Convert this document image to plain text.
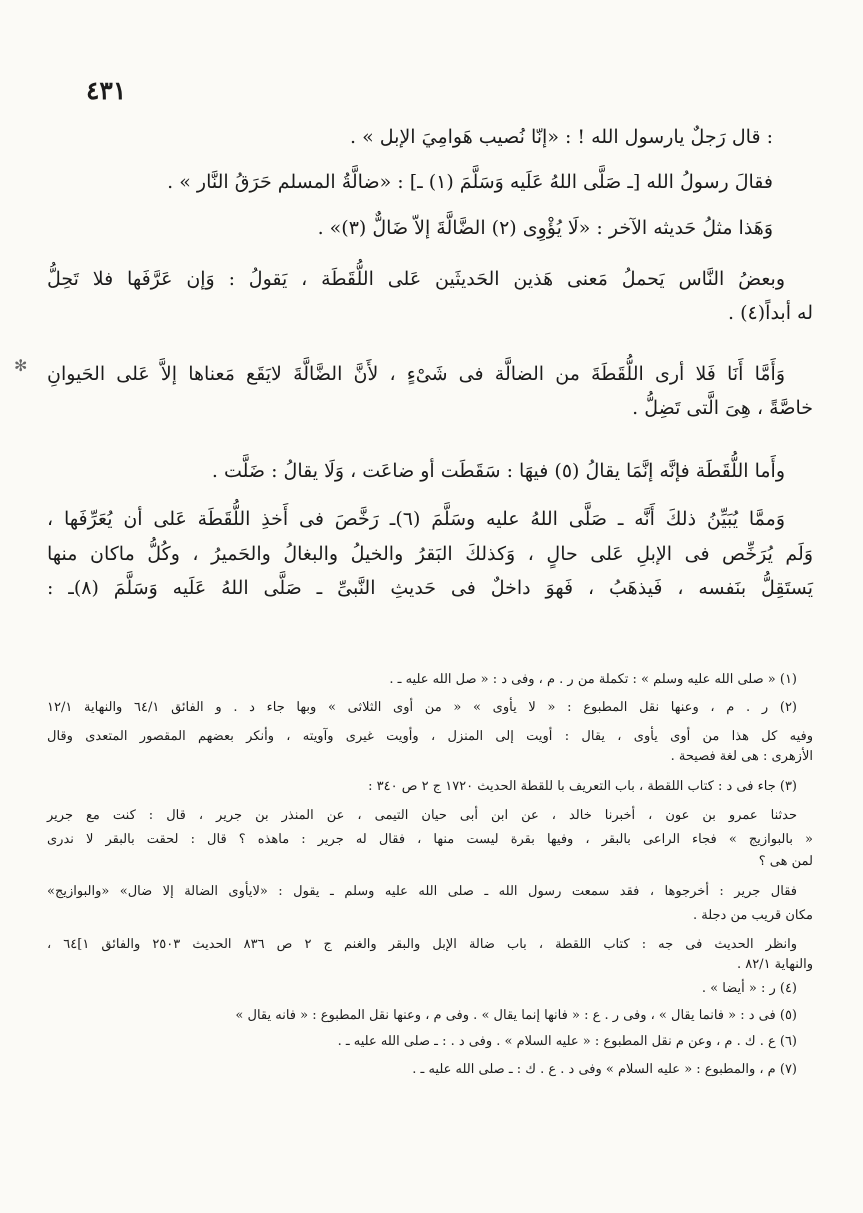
٤٣١
✻
: قال رَجلٌ يارسول الله ! : «إنّا نُصيب هَوامِيَ الإبل » .
فقالَ رسولُ الله [ـ صَلَّى اللهُ عَلَيه وَسَلَّمَ (١) ـ] : «ضالَّةُ المسلم حَرَقُ النَّار » .
وَهَذا مثلُ حَديثه الآخر : «لَا يُؤْوِى (٢) الضَّالَّةَ إلاّ ضَالٌّ (٣)» .
وبعضُ النَّاس يَحملُ مَعنى هَذين الحَديثَين عَلى اللُّقَطَة ، يَقولُ : وَإن عَرَّفَها فلا تَحِلُّ
له أبداً(٤) .
وَأَمَّا أَنَا فَلا أرى اللُّقَطَةَ من الضالَّة فى شَىْءٍ ، لأَنَّ الضَّالَّةَ لايَقَع مَعناها إلاَّ عَلى الحَيوانِ
خاصَّةً ، هِىَ الَّتى تَضِلُّ .
وأَما اللُّقَطَة فإنَّه إنَّمَا يقالُ (٥) فيهَا : سَقَطَت أو ضاعَت ، وَلَا يقالُ : ضَلَّت .
وَممَّا يُبَيِّنُ ذلكَ أَنَّه ـ صَلَّى اللهُ عليه وسَلَّمَ (٦)ـ رَخَّصَ فى أَخذِ اللُّقَطَة عَلى أن يُعَرِّفَها ،
وَلَم يُرَخِّص فى الإبلِ عَلى حالٍ ، وَكذلكَ البَقرُ والخيلُ والبغالُ والحَميرُ ، وكُلُّ ماكان منها
يَستَقِلُّ بنَفسه ، فَيذهَبُ ، فَهوَ داخلٌ فى حَديثِ النَّبىِّ ـ صَلَّى اللهُ عَلَيه وَسَلَّمَ (٨)ـ :
(١) « صلى الله عليه وسلم » : تكملة من ر . م ، وفى د : « صل الله عليه ـ .
(٢) ر . م ، وعنها نقل المطبوع : « لا يأوى » « من أوى الثلاثى » وبها جاء د . و الفائق ٦٤/١ والنهاية ١٢/١
وفيه كل هذا من أوى يأوى ، يقال : أويت إلى المنزل ، وأويت غيرى وآويته ، وأنكر بعضهم المقصور المتعدى وقال
الأزهرى : هى لغة فصيحة .
(٣) جاء فى د : كتاب اللقطة ، باب التعريف با للقطة الحديث ١٧٢٠ ج ٢ ص ٣٤٠ :
حدثنا عمرو بن عون ، أخبرنا خالد ، عن ابن أبى حيان التيمى ، عن المنذر بن جرير ، قال : كنت مع جرير
« بالبوازيج » فجاء الراعى بالبقر ، وفيها بقرة ليست منها ، فقال له جرير : ماهذه ؟ قال : لحقت بالبقر لا ندرى
لمن هى ؟
فقال جرير : أخرجوها ، فقد سمعت رسول الله ـ صلى الله عليه وسلم ـ يقول : «لايأوى الضالة إلا ضال» «والبوازيج»
مكان قريب من دجلة .
وانظر الحديث فى جه : كتاب اللقطة ، باب ضالة الإبل والبقر والغنم ج ٢ ص ٨٣٦ الحديث ٢٥٠٣ والفائق ١]٦٤ ،
والنهاية ٨٢/١ .
(٤) ر : « أيضا » .
(٥) فى د : « فانما يقال » ، وفى ر . ع : « فانها إنما يقال » . وفى م ، وعنها نقل المطبوع : « فانه يقال »
(٦) ع . ك . م ، وعن م نقل المطبوع : « عليه السلام » . وفى د . : ـ صلى الله عليه ـ .
(٧) م ، والمطبوع : « عليه السلام » وفى د . ع . ك : ـ صلى الله عليه ـ .
